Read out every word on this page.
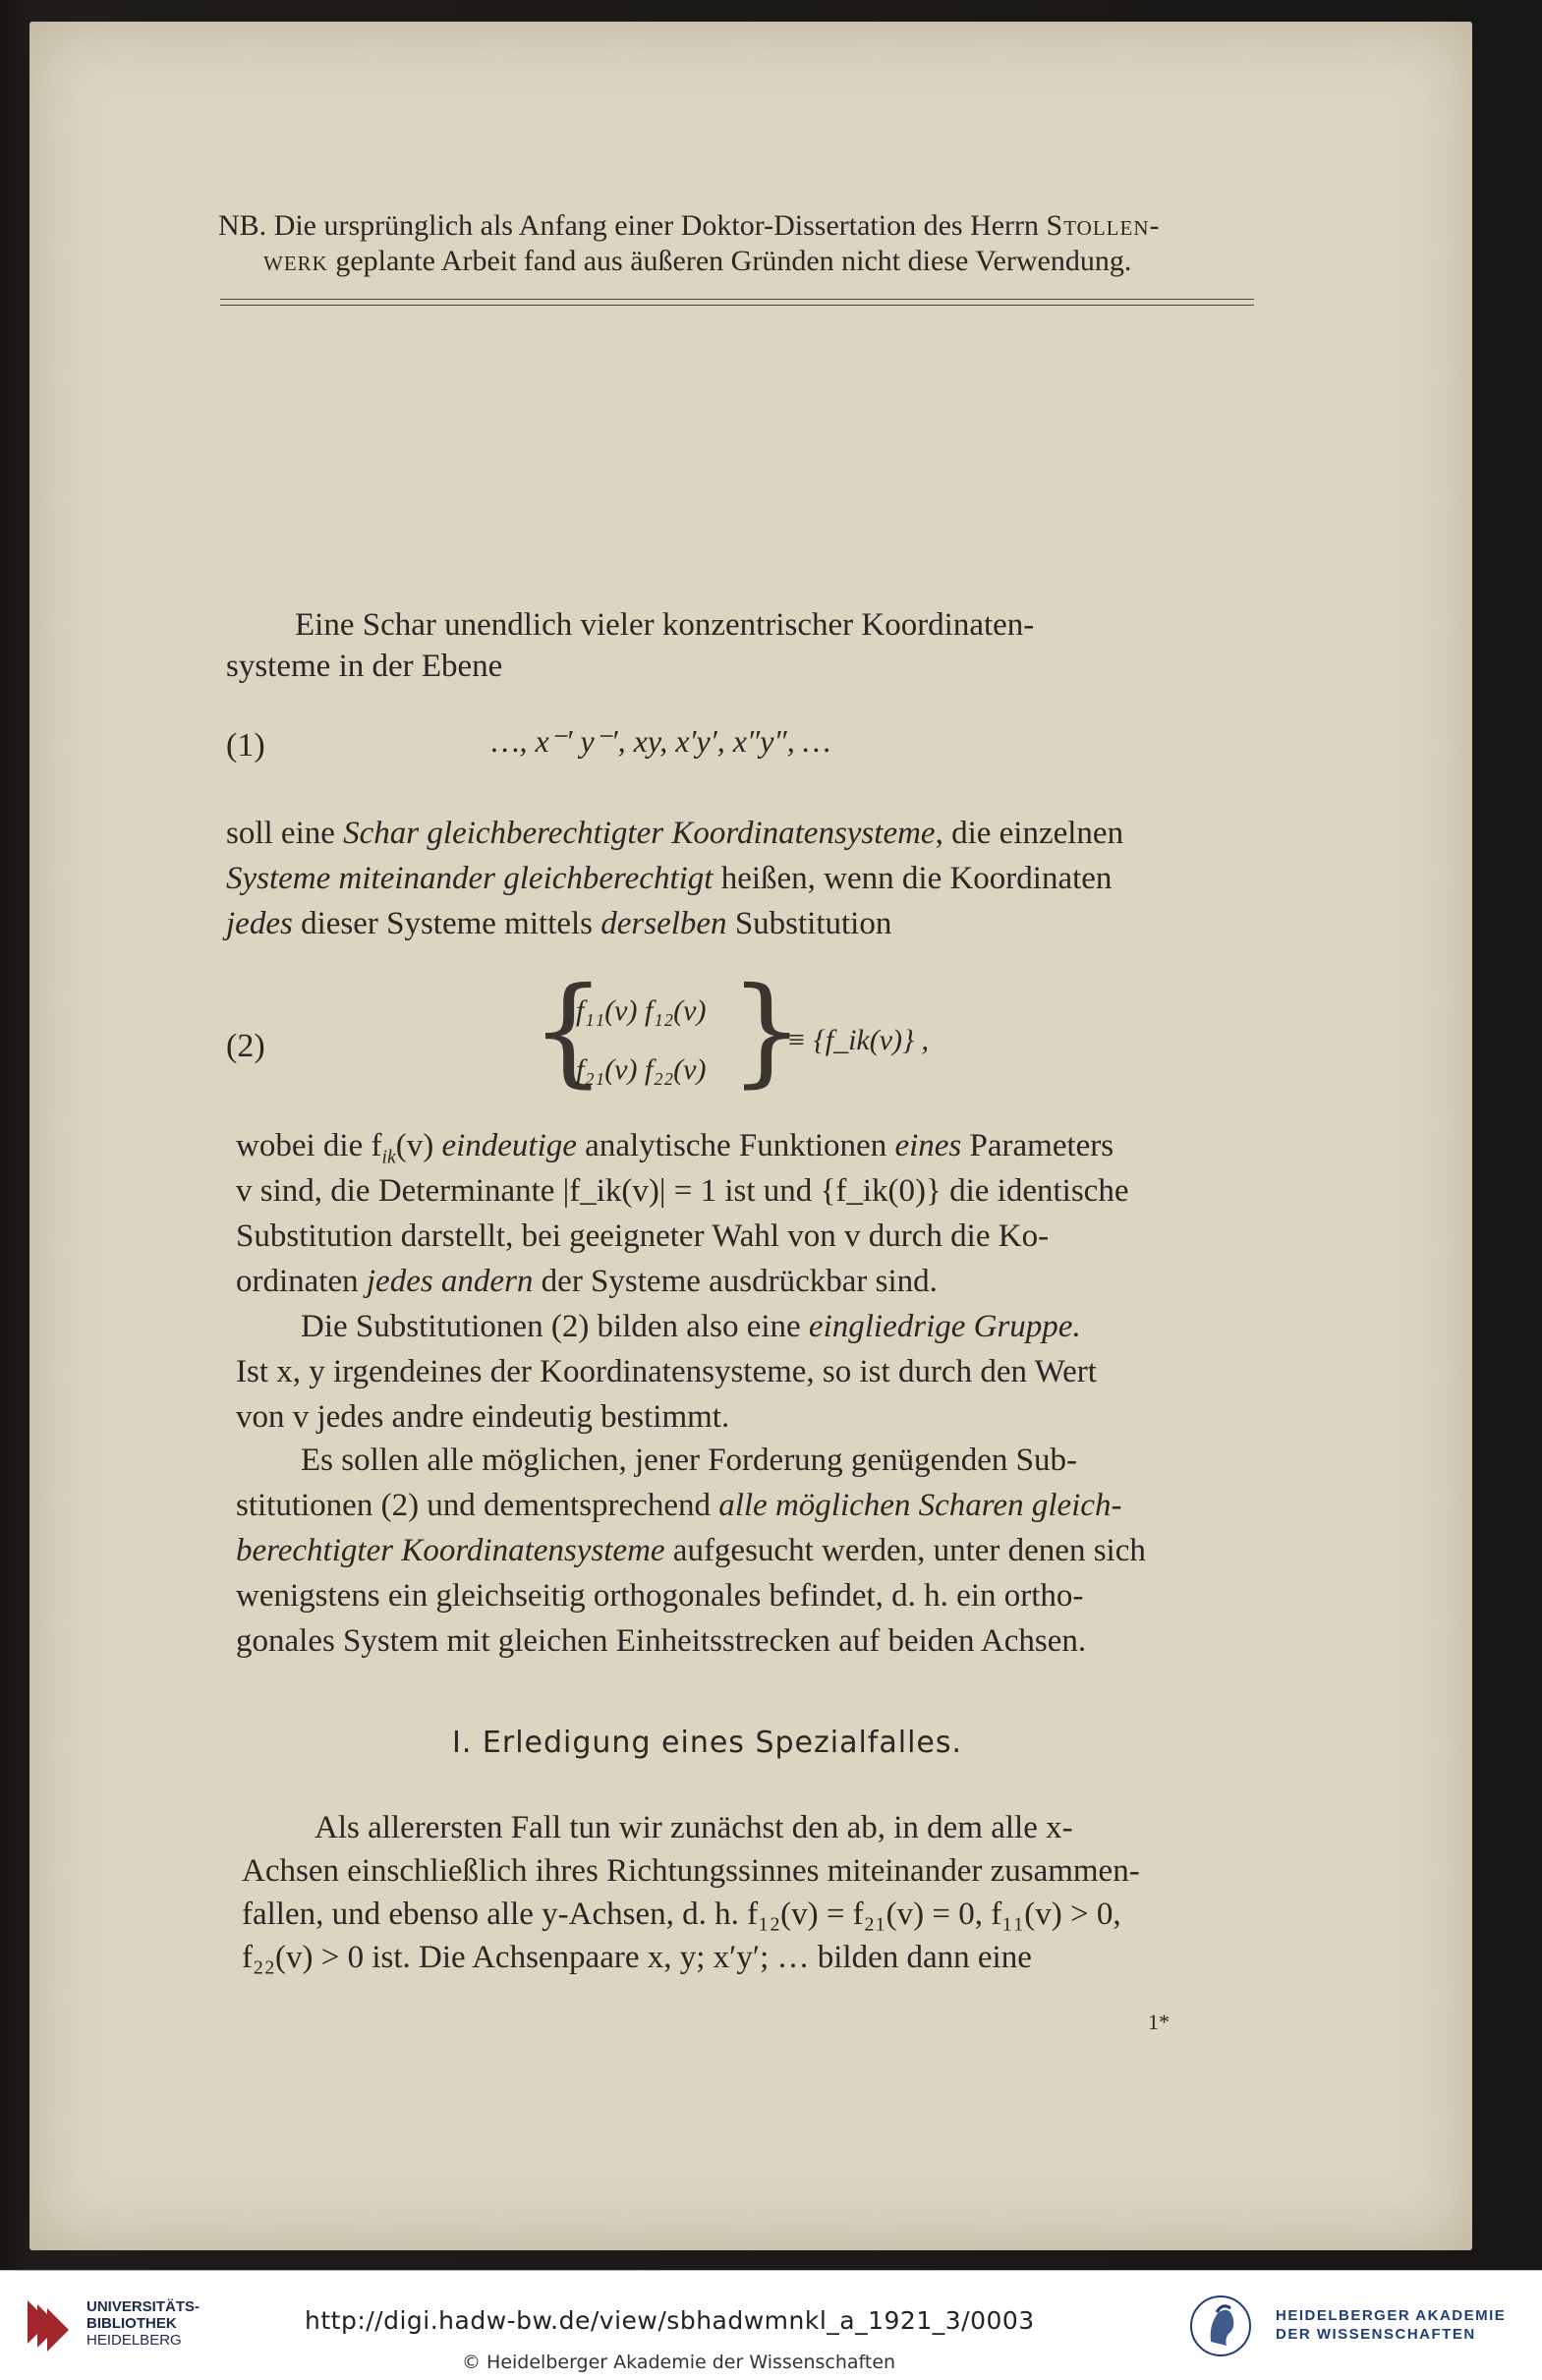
NB. Die ursprünglich als Anfang einer Doktor-Dissertation des Herrn Stollen-
werk geplante Arbeit fand aus äußeren Gründen nicht diese Verwendung.
Eine Schar unendlich vieler konzentrischer Koordinaten-
systeme in der Ebene
(1)	…, x⁻′ y⁻′, xy, x′y′, x″y″, …
soll eine Schar gleichberechtigter Koordinatensysteme, die einzelnen
Systeme miteinander gleichberechtigt heißen, wenn die Koordinaten
jedes dieser Systeme mittels derselben Substitution
(2) {
f₁₁(v) f₁₂(v)
f₂₁(v) f₂₂(v) }
≡ {f_ik(v)} ,
wobei die $f_{ik}(v)$ eindeutige analytische Funktionen eines Parameters
v sind, die Determinante |f_ik(v)| = 1 ist und {f_ik(0)} die identische
Substitution darstellt, bei geeigneter Wahl von v durch die Ko-
ordinaten jedes andern der Systeme ausdrückbar sind.
Die Substitutionen (2) bilden also eine eingliedrige Gruppe.
Ist x, y irgendeines der Koordinatensysteme, so ist durch den Wert
von v jedes andre eindeutig bestimmt.
Es sollen alle möglichen, jener Forderung genügenden Sub-
stitutionen (2) und dementsprechend alle möglichen Scharen gleich-
berechtigter Koordinatensysteme aufgesucht werden, unter denen sich
wenigstens ein gleichseitig orthogonales befindet, d. h. ein ortho-
gonales System mit gleichen Einheitsstrecken auf beiden Achsen.
I. Erledigung eines Spezialfalles.
Als allerersten Fall tun wir zunächst den ab, in dem alle x-
Achsen einschließlich ihres Richtungssinnes miteinander zusammen-
fallen, und ebenso alle y-Achsen, d. h. f₁₂(v) = f₂₁(v) = 0, f₁₁(v) > 0,
f₂₂(v) > 0 ist. Die Achsenpaare x, y; x′y′; … bilden dann eine
1*
UNIVERSITÄTS-
BIBLIOTHEK
HEIDELBERG
http://digi.hadw-bw.de/view/sbhadwmnkl_a_1921_3/0003
© Heidelberger Akademie der Wissenschaften
HEIDELBERGER AKADEMIE
DER WISSENSCHAFTEN
